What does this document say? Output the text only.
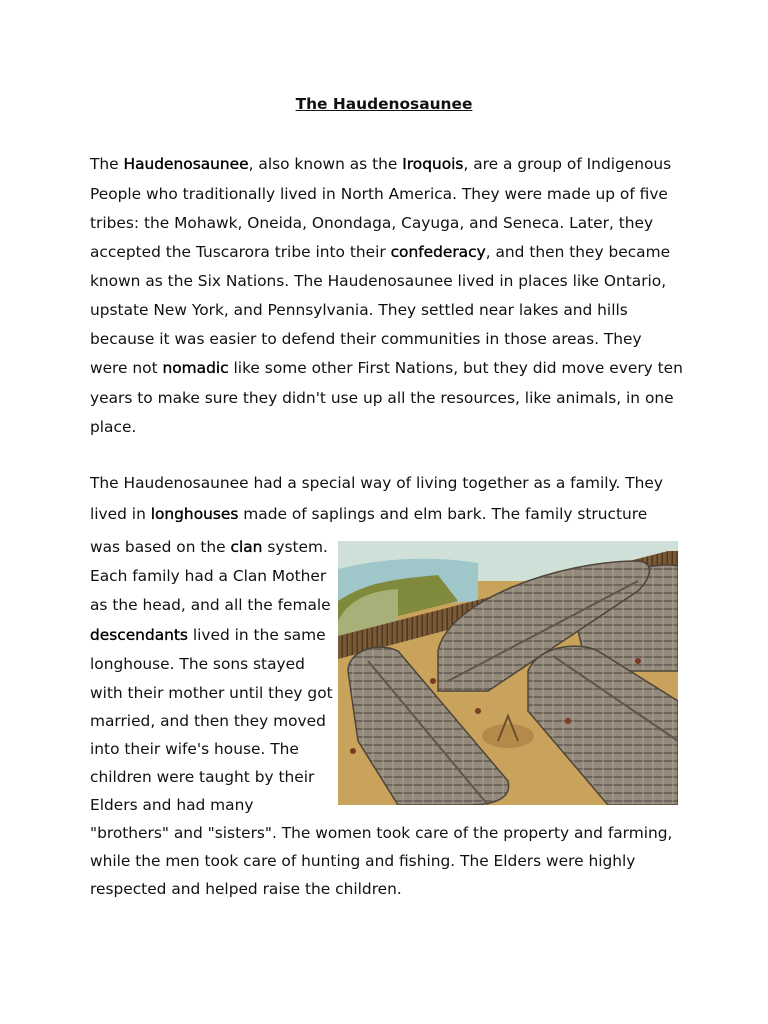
The Haudenosaunee

The Haudenosaunee, also known as the Iroquois, are a group of Indigenous

People who traditionally lived in North America. They were made up of five

tribes: the Mohawk, Oneida, Onondaga, Cayuga, and Seneca. Later, they

accepted the Tuscarora tribe into their confederacy, and then they became

known as the Six Nations. The Haudenosaunee lived in places like Ontario,

upstate New York, and Pennsylvania. They settled near lakes and hills

because it was easier to defend their communities in those areas. They

were not nomadic like some other First Nations, but they did move every ten

years to make sure they didn't use up all the resources, like animals, in one

place.

The Haudenosaunee had a special way of living together as a family. They

lived in longhouses made of saplings and elm bark. The family structure

was based on the clan system.

Each family had a Clan Mother

as the head, and all the female

descendants lived in the same

longhouse. The sons stayed

with their mother until they got

married, and then they moved

into their wife's house. The

children were taught by their

Elders and had many

"brothers" and "sisters". The women took care of the property and farming,

while the men took care of hunting and fishing. The Elders were highly

respected and helped raise the children.
